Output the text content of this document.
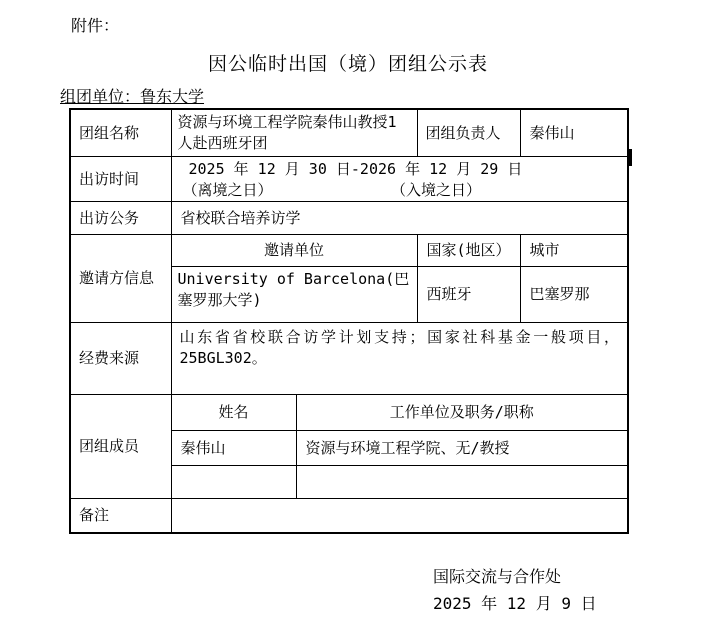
附件：
因公临时出国（境）团组公示表
组团单位：鲁东大学
团组名称	资源与环境工程学院秦伟山教授1人赴西班牙团		团组负责人	秦伟山
出访时间	2025 年 12 月 30 日-2026 年 12 月 29 日
（离境之日） （入境之日）			

出访公务	省校联合培养访学			
邀请方信息	邀请单位		国家(地区）	城市
	University of Barcelona(巴塞罗那大学)		西班牙	巴塞罗那
经费来源	山东省省校联合访学计划支持；国家社科基金一般项目，25BGL302。			
团组成员	姓名	工作单位及职务/职称		
	秦伟山	资源与环境工程学院、无/教授		

备注				
国际交流与合作处
2025 年 12 月 9 日
